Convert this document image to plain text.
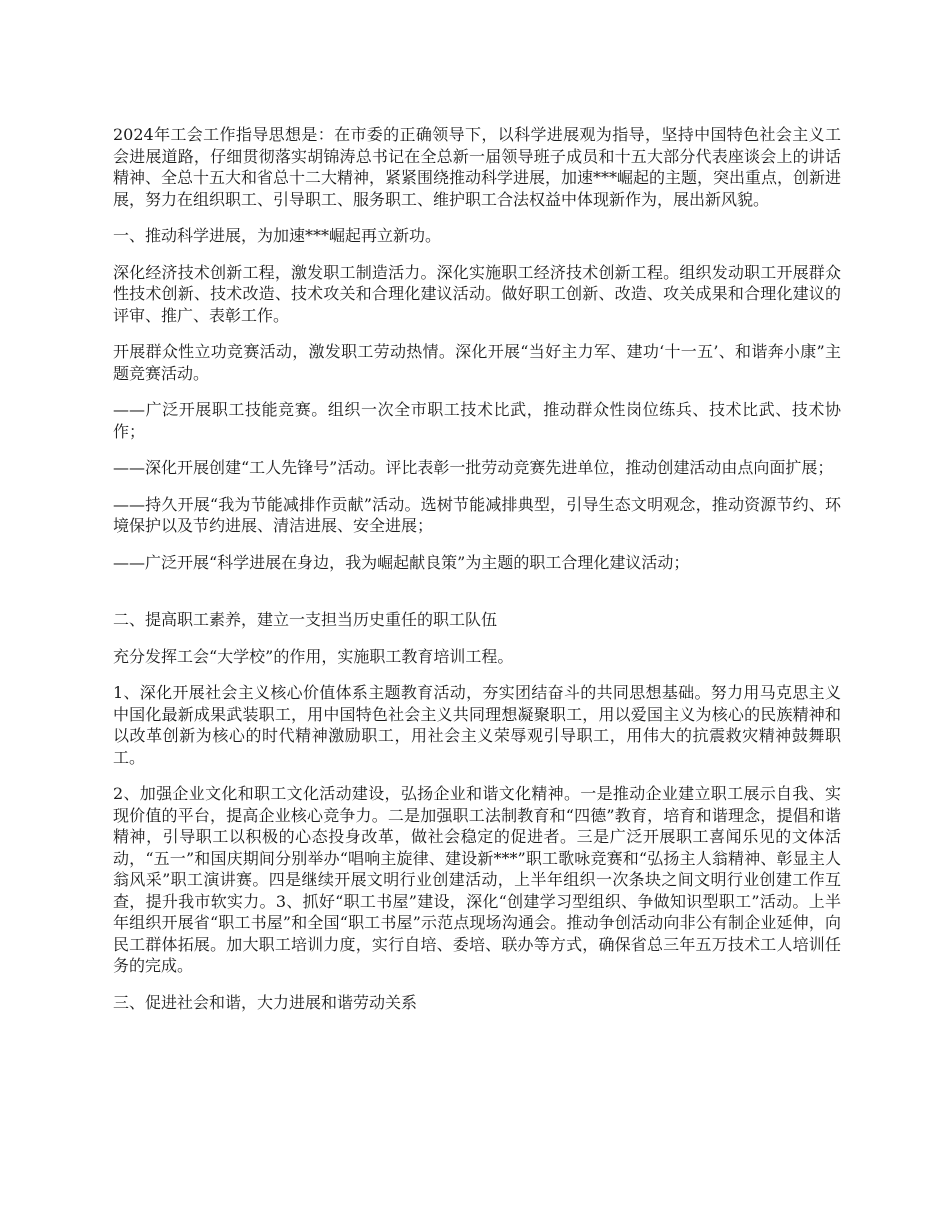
2024年工会工作指导思想是：在市委的正确领导下，以科学进展观为指导，坚持中国特色社会主义工会进展道路，仔细贯彻落实胡锦涛总书记在全总新一届领导班子成员和十五大部分代表座谈会上的讲话精神、全总十五大和省总十二大精神，紧紧围绕推动科学进展，加速***崛起的主题，突出重点，创新进展，努力在组织职工、引导职工、服务职工、维护职工合法权益中体现新作为，展出新风貌。

一、推动科学进展，为加速***崛起再立新功。

深化经济技术创新工程，激发职工制造活力。深化实施职工经济技术创新工程。组织发动职工开展群众性技术创新、技术改造、技术攻关和合理化建议活动。做好职工创新、改造、攻关成果和合理化建议的评审、推广、表彰工作。

开展群众性立功竞赛活动，激发职工劳动热情。深化开展“当好主力军、建功‘十一五’、和谐奔小康”主题竞赛活动。

——广泛开展职工技能竞赛。组织一次全市职工技术比武，推动群众性岗位练兵、技术比武、技术协作；

——深化开展创建“工人先锋号”活动。评比表彰一批劳动竞赛先进单位，推动创建活动由点向面扩展；

——持久开展“我为节能减排作贡献”活动。选树节能减排典型，引导生态文明观念，推动资源节约、环境保护以及节约进展、清洁进展、安全进展；

——广泛开展“科学进展在身边，我为崛起献良策”为主题的职工合理化建议活动；

二、提高职工素养，建立一支担当历史重任的职工队伍

充分发挥工会“大学校”的作用，实施职工教育培训工程。

1、深化开展社会主义核心价值体系主题教育活动，夯实团结奋斗的共同思想基础。努力用马克思主义中国化最新成果武装职工，用中国特色社会主义共同理想凝聚职工，用以爱国主义为核心的民族精神和以改革创新为核心的时代精神激励职工，用社会主义荣辱观引导职工，用伟大的抗震救灾精神鼓舞职工。

2、加强企业文化和职工文化活动建设，弘扬企业和谐文化精神。一是推动企业建立职工展示自我、实现价值的平台，提高企业核心竞争力。二是加强职工法制教育和“四德”教育，培育和谐理念，提倡和谐精神，引导职工以积极的心态投身改革，做社会稳定的促进者。三是广泛开展职工喜闻乐见的文体活动，“五一”和国庆期间分别举办“唱响主旋律、建设新***”职工歌咏竞赛和“弘扬主人翁精神、彰显主人翁风采”职工演讲赛。四是继续开展文明行业创建活动，上半年组织一次条块之间文明行业创建工作互查，提升我市软实力。3、抓好“职工书屋”建设，深化“创建学习型组织、争做知识型职工”活动。上半年组织开展省“职工书屋”和全国“职工书屋”示范点现场沟通会。推动争创活动向非公有制企业延伸，向民工群体拓展。加大职工培训力度，实行自培、委培、联办等方式，确保省总三年五万技术工人培训任务的完成。

三、促进社会和谐，大力进展和谐劳动关系
